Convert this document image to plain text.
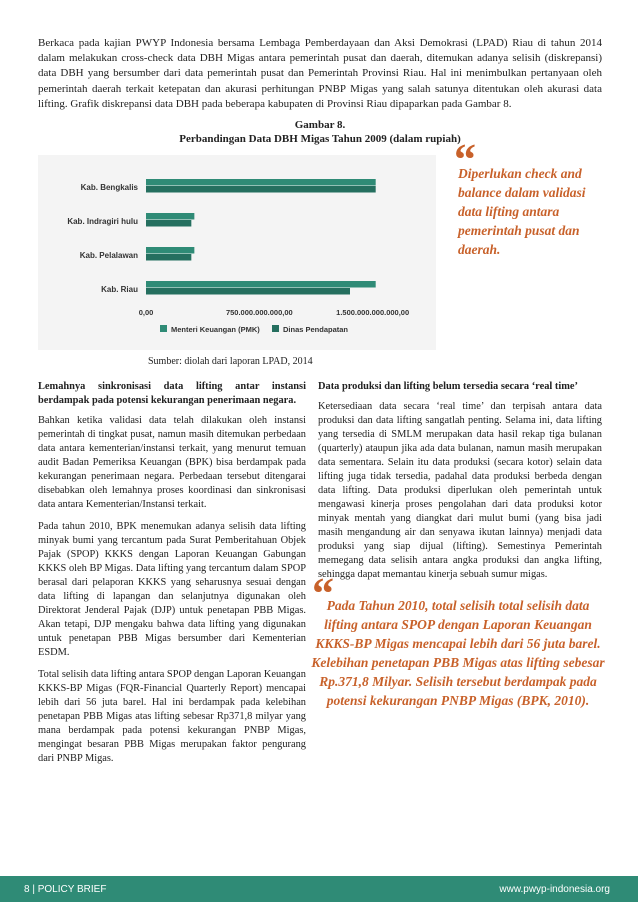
Berkaca pada kajian PWYP Indonesia bersama Lembaga Pemberdayaan dan Aksi Demokrasi (LPAD) Riau di tahun 2014 dalam melakukan cross-check data DBH Migas antara pemerintah pusat dan daerah, ditemukan adanya selisih (diskrepansi) data DBH yang bersumber dari data pemerintah pusat dan Pemerintah Provinsi Riau. Hal ini menimbulkan pertanyaan oleh pemerintah daerah terkait ketepatan dan akurasi perhitungan PNBP Migas yang salah satunya ditentukan oleh akurasi data lifting. Grafik diskrepansi data DBH pada beberapa kabupaten di Provinsi Riau dipaparkan pada Gambar 8.

Gambar 8.
Perbandingan Data DBH Migas Tahun 2009 (dalam rupiah)
Kab. Bengkalis
Kab. Indragiri hulu
Kab. Pelalawan
Kab. Riau
0,00	750.000.000.000,00	1.500.000.000.000,00
Menteri Keuangan (PMK)	Dinas Pendapatan
Sumber: diolah dari laporan LPAD, 2014
“
Diperlukan check and balance dalam validasi data lifting antara pemerintah pusat dan daerah.

Lemahnya sinkronisasi data lifting antar instansi berdampak pada potensi kekurangan penerimaan negara.

Bahkan ketika validasi data telah dilakukan oleh instansi pemerintah di tingkat pusat, namun masih ditemukan perbedaan data antara kementerian/instansi terkait, yang menurut temuan audit Badan Pemeriksa Keuangan (BPK) bisa berdampak pada kekurangan penerimaan negara. Perbedaan tersebut ditengarai disebabkan oleh lemahnya proses koordinasi dan sinkronisasi data antara Kementerian/Instansi terkait.

Pada tahun 2010, BPK menemukan adanya selisih data lifting minyak bumi yang tercantum pada Surat Pemberitahuan Objek Pajak (SPOP) KKKS dengan Laporan Keuangan Gabungan KKKS oleh BP Migas. Data lifting yang tercantum dalam SPOP berasal dari pelaporan KKKS yang seharusnya sesuai dengan data lifting di lapangan dan selanjutnya digunakan oleh Direktorat Jenderal Pajak (DJP) untuk penetapan PBB Migas. Akan tetapi, DJP mengaku bahwa data lifting yang digunakan untuk penetapan PBB Migas bersumber dari Kementerian ESDM.

Total selisih data lifting antara SPOP dengan Laporan Keuangan KKKS-BP Migas (FQR-Financial Quarterly Report) mencapai lebih dari 56 juta barel. Hal ini berdampak pada kelebihan penetapan PBB Migas atas lifting sebesar Rp371,8 milyar yang mana berdampak pada potensi kekurangan PNBP Migas, mengingat besaran PBB Migas merupakan faktor pengurang dari PNBP Migas.

Data produksi dan lifting belum tersedia secara ‘real time’

Ketersediaan data secara ‘real time’ dan terpisah antara data produksi dan data lifting sangatlah penting. Selama ini, data lifting yang tersedia di SMLM merupakan data hasil rekap tiga bulanan (quarterly) ataupun jika ada data bulanan, namun masih merupakan data sementara. Selain itu data produksi (secara kotor) selain data lifting juga tidak tersedia, padahal data produksi berbeda dengan data lifting. Data produksi diperlukan oleh pemerintah untuk mengawasi kinerja proses pengolahan dari data produksi kotor minyak mentah yang diangkat dari mulut bumi (yang bisa jadi masih mengandung air dan senyawa ikutan lainnya) menjadi data produksi yang siap dijual (lifting). Semestinya Pemerintah memegang data selisih antara angka produksi dan angka lifting, sehingga dapat memantau kinerja sebuah sumur migas.

“
Pada Tahun 2010, total selisih total selisih data lifting antara SPOP dengan Laporan Keuangan KKKS-BP Migas mencapai lebih dari 56 juta barel. Kelebihan penetapan PBB Migas atas lifting sebesar Rp.371,8 Milyar. Selisih tersebut berdampak pada potensi kekurangan PNBP Migas (BPK, 2010).
8 | POLICY BRIEF	www.pwyp-indonesia.org
